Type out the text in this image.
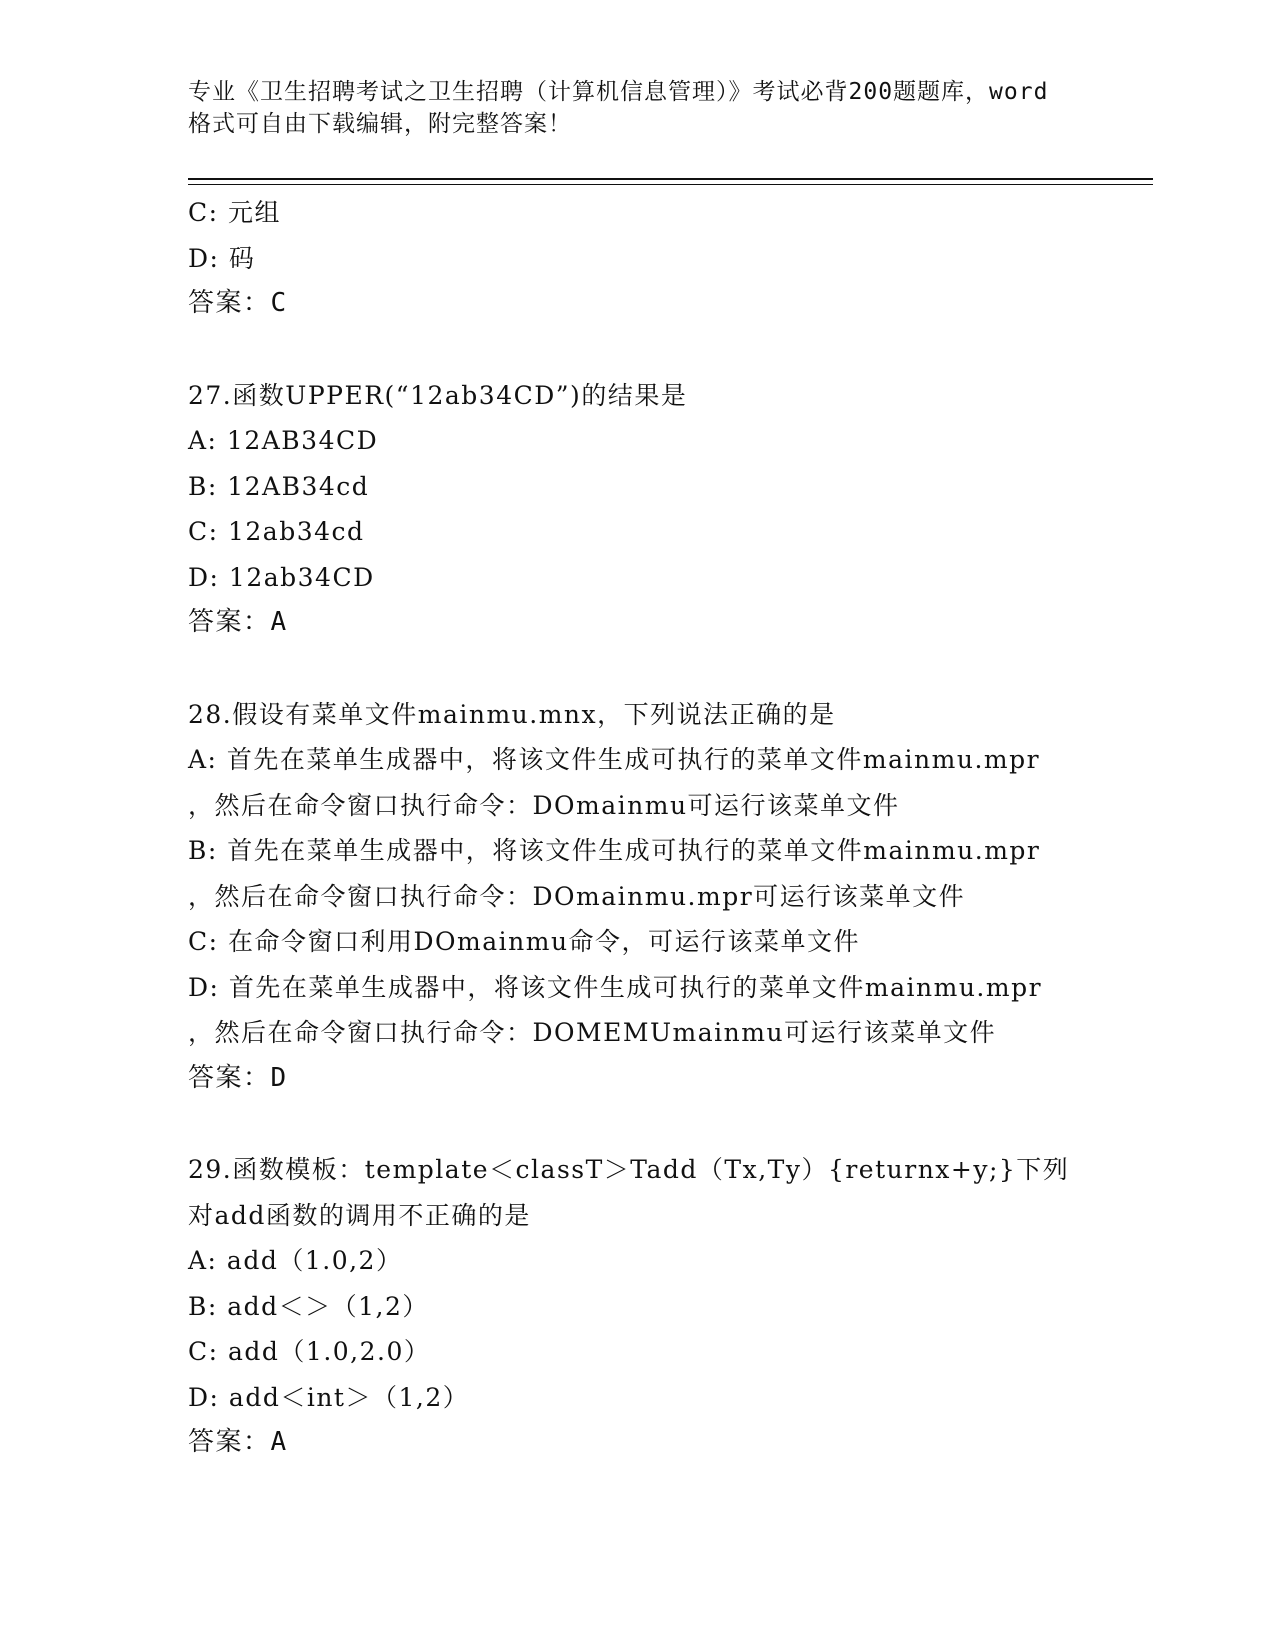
专业《卫生招聘考试之卫生招聘（计算机信息管理）》考试必背200题题库，word
格式可自由下载编辑，附完整答案！
C: 元组
D: 码
答案：C
27.函数UPPER(“12ab34CD”)的结果是
A: 12AB34CD
B: 12AB34cd
C: 12ab34cd
D: 12ab34CD
答案：A
28.假设有菜单文件mainmu.mnx，下列说法正确的是
A: 首先在菜单生成器中，将该文件生成可执行的菜单文件mainmu.mpr
，然后在命令窗口执行命令：DOmainmu可运行该菜单文件
B: 首先在菜单生成器中，将该文件生成可执行的菜单文件mainmu.mpr
，然后在命令窗口执行命令：DOmainmu.mpr可运行该菜单文件
C: 在命令窗口利用DOmainmu命令，可运行该菜单文件
D: 首先在菜单生成器中，将该文件生成可执行的菜单文件mainmu.mpr
，然后在命令窗口执行命令：DOMEMUmainmu可运行该菜单文件
答案：D
29.函数模板：template＜classT＞Tadd（Tx,Ty）{returnx+y;}下列
对add函数的调用不正确的是
A: add（1.0,2）
B: add＜＞（1,2）
C: add（1.0,2.0）
D: add＜int＞（1,2）
答案：A
